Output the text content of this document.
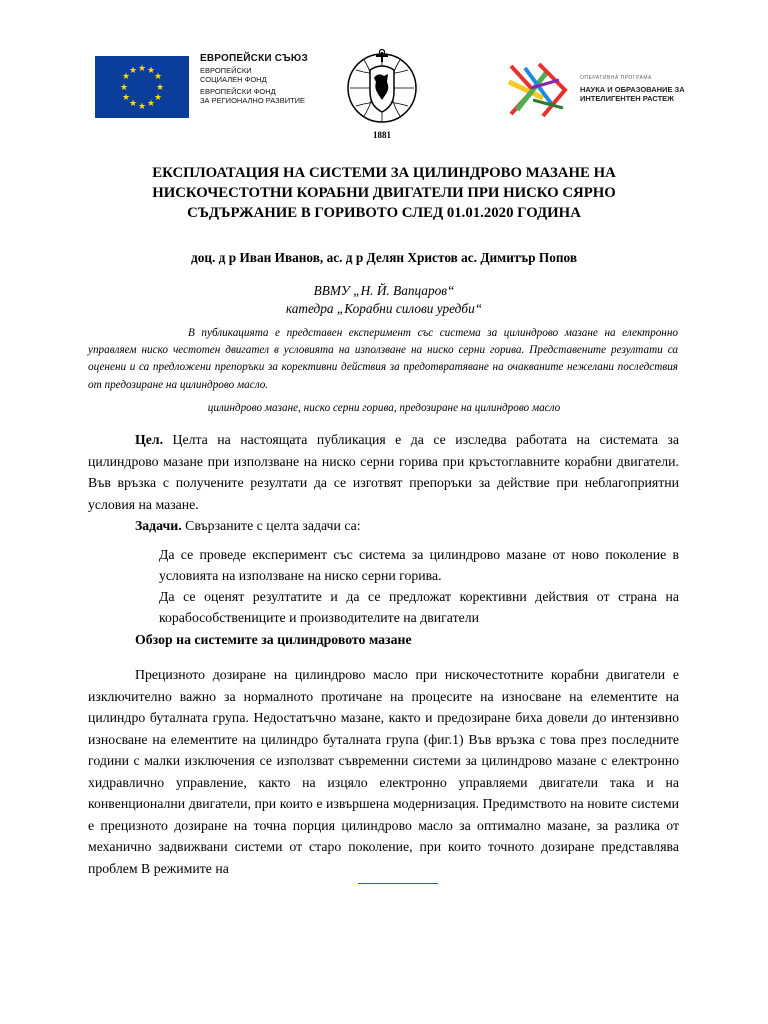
★ ★
★
★
★
★
★
★
★
★
★
★
ЕВРОПЕЙСКИ СЪЮЗ
ЕВРОПЕЙСКИ
СОЦИАЛЕН ФОНД
ЕВРОПЕЙСКИ ФОНД
ЗА РЕГИОНАЛНО РАЗВИТИЕ
1881
ОПЕРАТИВНА ПРОГРАМА
НАУКА И ОБРАЗОВАНИЕ ЗА
ИНТЕЛИГЕНТЕН РАСТЕЖ
ЕКСПЛОАТАЦИЯ НА СИСТЕМИ ЗА ЦИЛИНДРОВО МАЗАНЕ НА
НИСКОЧЕСТОТНИ КОРАБНИ ДВИГАТЕЛИ ПРИ НИСКО СЯРНО
СЪДЪРЖАНИЕ В ГОРИВОТО СЛЕД 01.01.2020 ГОДИНА
доц. д р Иван Иванов, ас. д р Делян Христов ас. Димитър Попов
ВВМУ „Н. Й. Вапцаров“
катедра „Корабни силови уредби“

В публикацията е представен експеримент със система за цилиндрово мазане на електронно управляем ниско честотен двигател в условията на използване на ниско серни горива. Представените резултати са оценени и са предложени препоръки за корективни действия за предотвратяване на очакваните нежелани последствия от предозиране на цилиндрово масло.

цилиндрово мазане, ниско серни горива, предозиране на цилиндрово масло

Цел. Целта на настоящата публикация е да се изследва работата на системата за цилиндрово мазане при използване на ниско серни горива при кръстоглавните корабни двигатели. Във връзка с получените резултати да се изготвят препоръки за действие при неблагоприятни условия на мазане.

Задачи. Свързаните с целта задачи са:

Да се проведе експеримент със система за цилиндрово мазане от ново поколение в условията на използване на ниско серни горива.
Да се оценят резултатите и да се предложат корективни действия от страна на корабособствениците и производителите на двигатели
Обзор на системите за цилиндровото мазане

Прецизното дозиране на цилиндрово масло при нискочестотните корабни двигатели е изключително важно за нормалното протичане на процесите на износване на елементите на цилиндро буталната група. Недостатъчно мазане, както и предозиране биха довели до интензивно износване на елементите на цилиндро буталната група (фиг.1) Във връзка с това през последните години с малки изключения се използват съвременни системи за цилиндрово мазане с електронно хидравлично управление, както на изцяло електронно управляеми двигатели така и на конвенционални двигатели, при които е извършена модернизация. Предимството на новите системи е прецизното дозиране на точна порция цилиндрово масло за оптимално мазане, за разлика от механично задвижвани системи от старо поколение, при които точното дозиране представлява проблем В режимите на
